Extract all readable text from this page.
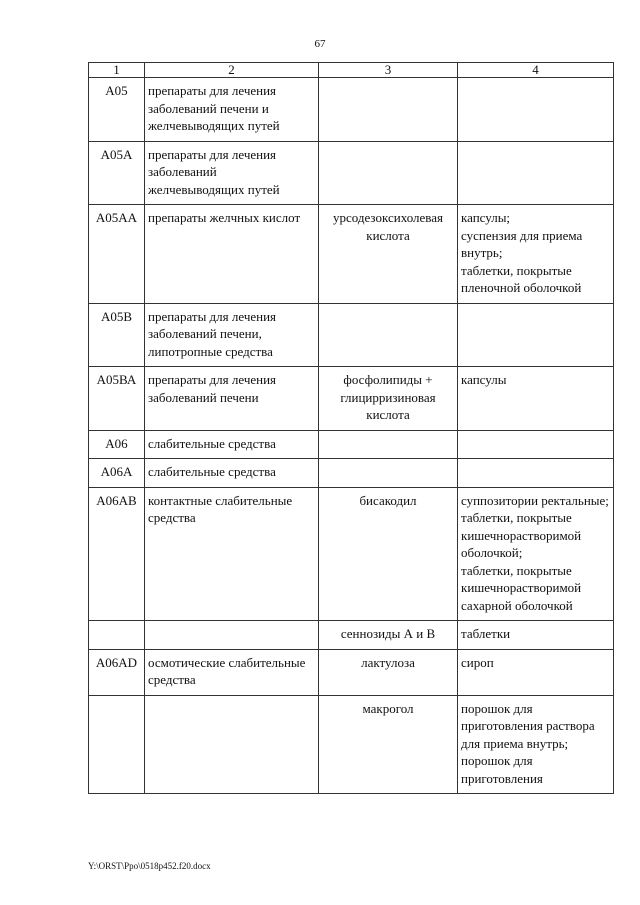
67
1	2	3	4
А05	препараты для лечения заболеваний печени и желчевыводящих путей		
А05А	препараты для лечения заболеваний желчевыводящих путей		
А05АА	препараты желчных кислот	урсодезоксихолевая кислота	капсулы;
суспензия для приема внутрь;
таблетки, покрытые пленочной оболочкой
А05В	препараты для лечения заболеваний печени, липотропные средства		
А05ВА	препараты для лечения заболеваний печени	фосфолипиды + глицирризиновая кислота	капсулы
А06	слабительные средства		
А06А	слабительные средства		
А06АВ	контактные слабительные средства	бисакодил	суппозитории ректальные;
таблетки, покрытые кишечнорастворимой оболочкой;
таблетки, покрытые кишечнорастворимой сахарной оболочкой
		сеннозиды А и В	таблетки
А06АD	осмотические слабительные средства	лактулоза	сироп
		макрогол	порошок для приготовления раствора для приема внутрь;
порошок для приготовления
Y:\ORST\Ppo\0518p452.f20.docx
